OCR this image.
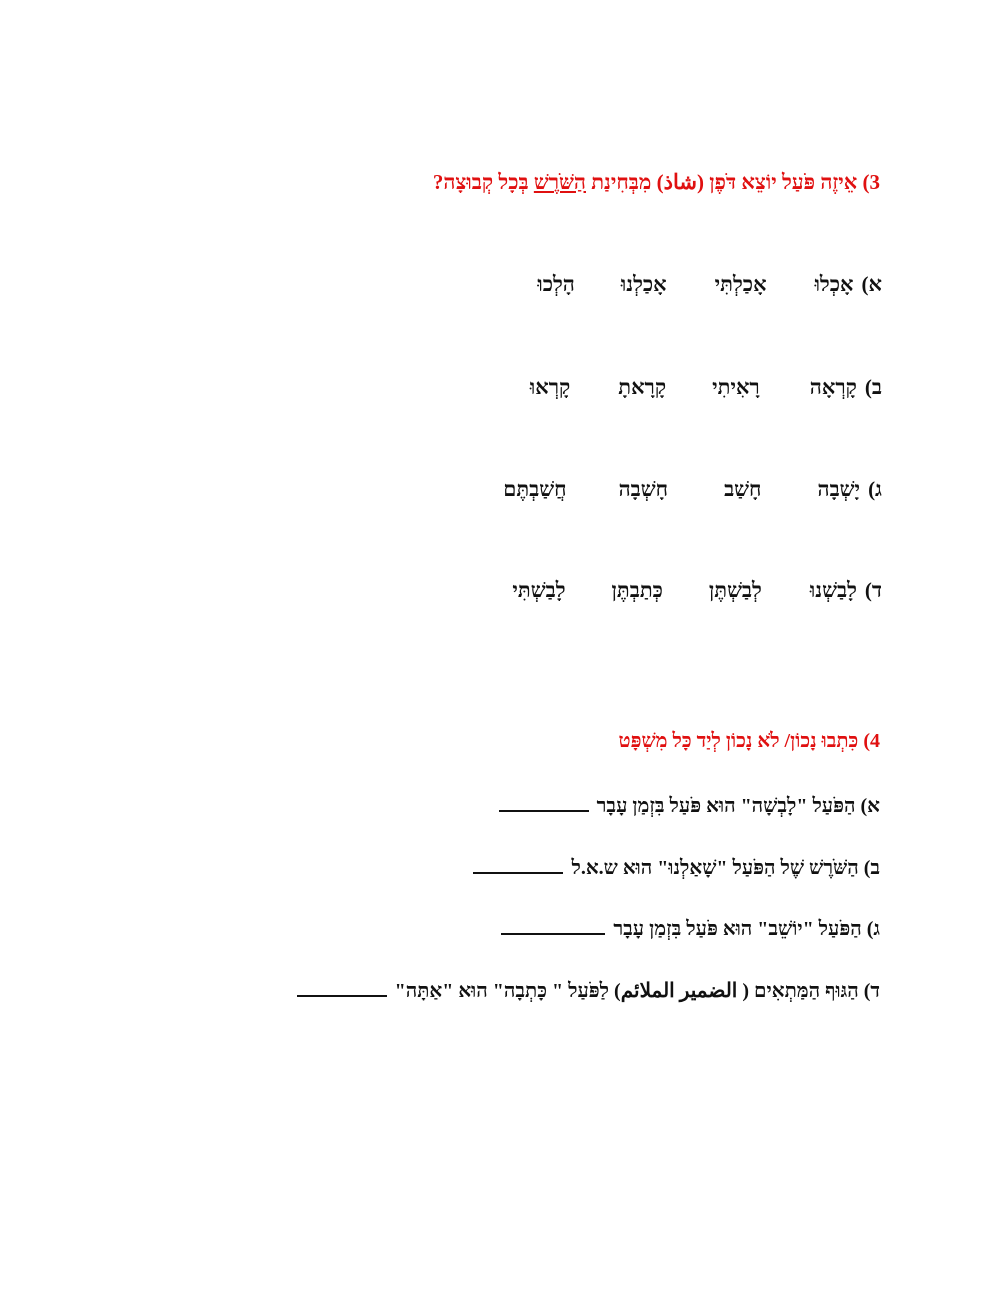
3) אֵיזֶה פֹּעַל יוֹצֵא דֹּפֶן (شاذ) מִבְּחִינַת הַשֹּׁרֶשׁ בְּכָל קְבוּצָה?
א)
אָכְלוּ
אָכַלְתִּי
אָכַלְנוּ
הָלְכוּ
ב)
קָרְאָה
רָאִיתִי
קָרָאתָ
קָרְאוּ
ג)
יָשְׁבָה
חָשַׁב
חָשְׁבָה
חֲשַׁבְתֶּם
ד)
לָבַשְׁנוּ
לְבַשְׁתֶּן
כְּתַבְתֶּן
לָבַשְׁתִּי
4) כִּתְבוּ נָכוֹן/ לֹא נָכוֹן לְיַד כָּל מִשְׁפָּט
א) הַפֹּעַל "לָבְשָׁה" הוּא פֹּעַל בִּזְמַן עָבָר
ב) הַשֹּׁרֶשׁ שֶׁל הַפֹּעַל "שָׁאַלְנוּ" הוּא ש.א.ל
ג) הַפֹּעַל "יוֹשֵׁב" הוּא פֹּעַל בִּזְמַן עָבָר
ד) הַגּוּף הַמַּתְאִים ( الضمير الملائم) לַפֹּעַל " כָּתְבָה" הוּא "אַתָּה"
